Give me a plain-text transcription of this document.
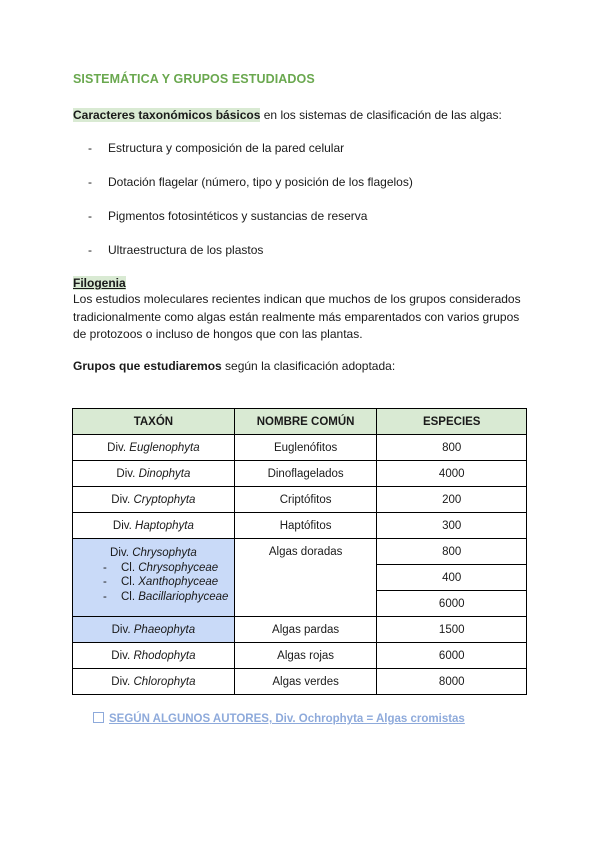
SISTEMÁTICA Y GRUPOS ESTUDIADOS
Caracteres taxonómicos básicos en los sistemas de clasificación de las algas:
- Estructura y composición de la pared celular
- Dotación flagelar (número, tipo y posición de los flagelos)
- Pigmentos fotosintéticos y sustancias de reserva
- Ultraestructura de los plastos
Filogenia
Los estudios moleculares recientes indican que muchos de los grupos considerados tradicionalmente como algas están realmente más emparentados con varios grupos de protozoos o incluso de hongos que con las plantas.
Grupos que estudiaremos según la clasificación adoptada:
TAXÓN	NOMBRE COMÚN	ESPECIES
Div. Euglenophyta	Euglenófitos	800
Div. Dinophyta	Dinoflagelados	4000
Div. Cryptophyta	Criptófitos	200
Div. Haptophyta	Haptófitos	300

Div. Chrysophyta
- Cl. Chrysophyceae
- Cl. Xanthophyceae
- Cl. Bacillariophyceae	Algas doradas	800
		400
		6000
Div. Phaeophyta	Algas pardas	1500
Div. Rhodophyta	Algas rojas	6000
Div. Chlorophyta	Algas verdes	8000
SEGÚN ALGUNOS AUTORES, Div. Ochrophyta = Algas cromistas
